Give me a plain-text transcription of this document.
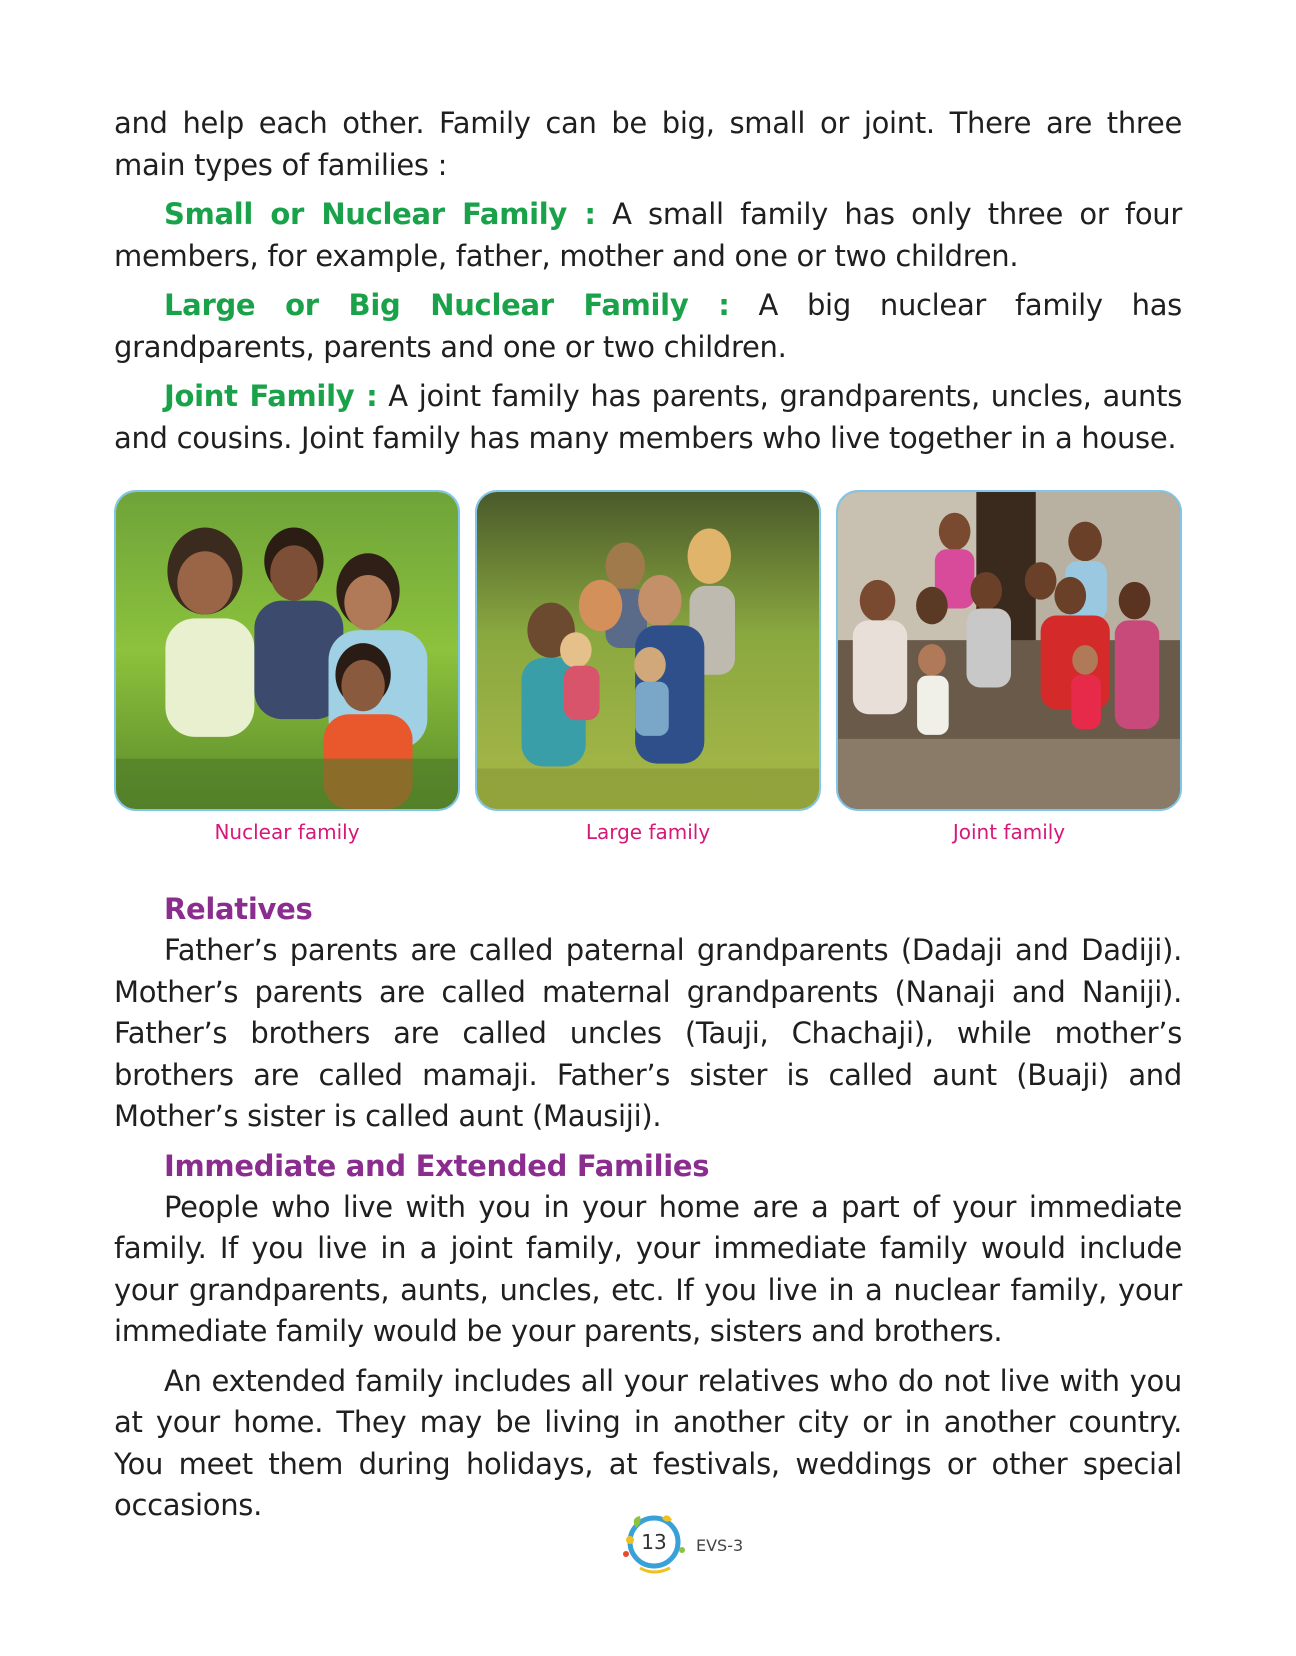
and help each other. Family can be big, small or joint. There are three main types of families :

Small or Nuclear Family : A small family has only three or four members, for example, father, mother and one or two children.

Large or Big Nuclear Family : A big nuclear family has grandparents, parents and one or two children.

Joint Family : A joint family has parents, grandparents, uncles, aunts and cousins. Joint family has many members who live together in a house.

Relatives

Father’s parents are called paternal grandparents (Dadaji and Dadiji). Mother’s parents are called maternal grandparents (Nanaji and Naniji). Father’s brothers are called uncles (Tauji, Chachaji), while mother’s brothers are called mamaji. Father’s sister is called aunt (Buaji) and Mother’s sister is called aunt (Mausiji).

Immediate and Extended Families

People who live with you in your home are a part of your immediate family. If you live in a joint family, your immediate family would include your grandparents, aunts, uncles, etc. If you live in a nuclear family, your immediate family would be your parents, sisters and brothers.

An extended family includes all your relatives who do not live with you at your home. They may be living in another city or in another country. You meet them during holidays, at festivals, weddings or other special occasions.

Nuclear family	Large family	Joint family
13	EVS-3
